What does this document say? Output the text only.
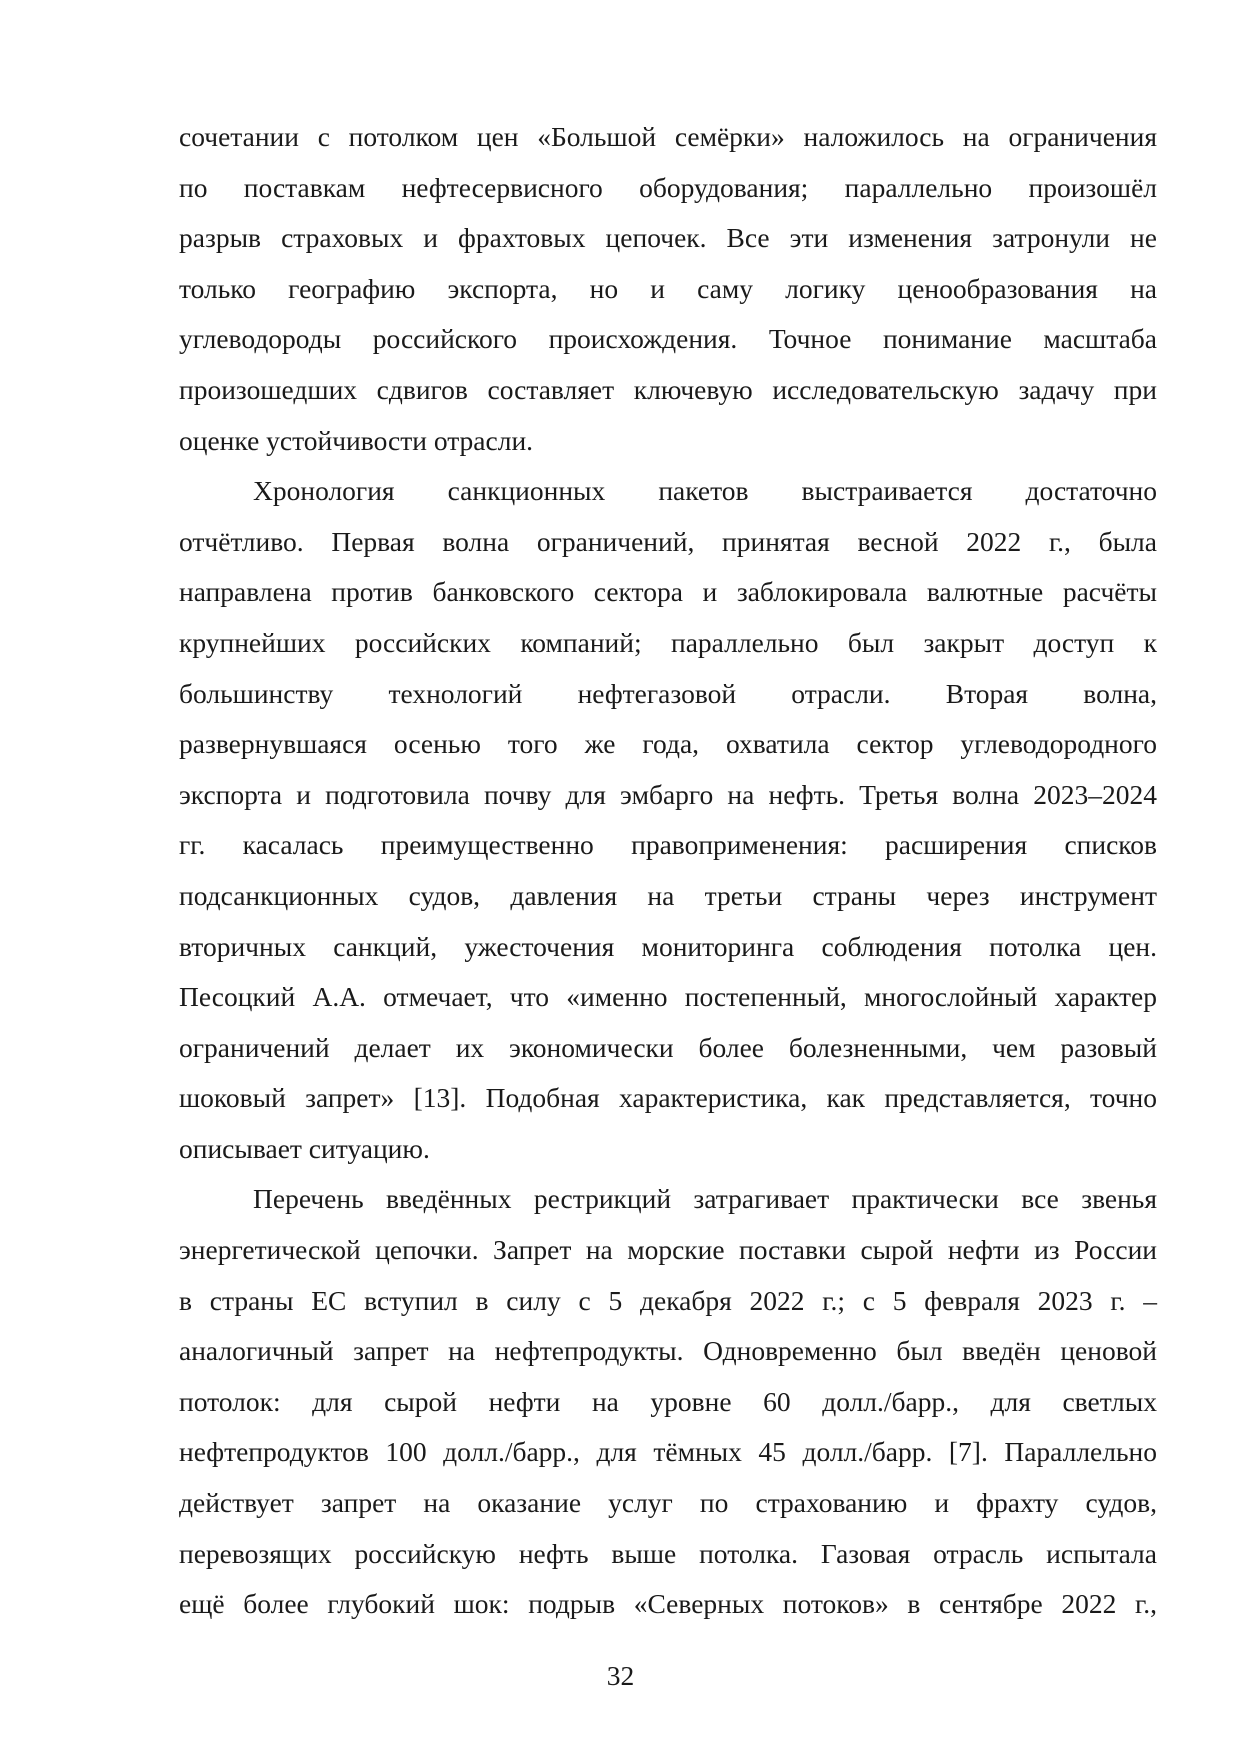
сочетании с потолком цен «Большой семёрки» наложилось на ограничения
по поставкам нефтесервисного оборудования; параллельно произошёл
разрыв страховых и фрахтовых цепочек. Все эти изменения затронули не
только географию экспорта, но и саму логику ценообразования на
углеводороды российского происхождения. Точное понимание масштаба
произошедших сдвигов составляет ключевую исследовательскую задачу при
оценке устойчивости отрасли.
Хронология санкционных пакетов выстраивается достаточно
отчётливо. Первая волна ограничений, принятая весной 2022 г., была
направлена против банковского сектора и заблокировала валютные расчёты
крупнейших российских компаний; параллельно был закрыт доступ к
большинству технологий нефтегазовой отрасли. Вторая волна,
развернувшаяся осенью того же года, охватила сектор углеводородного
экспорта и подготовила почву для эмбарго на нефть. Третья волна 2023–2024
гг. касалась преимущественно правоприменения: расширения списков
подсанкционных судов, давления на третьи страны через инструмент
вторичных санкций, ужесточения мониторинга соблюдения потолка цен.
Песоцкий А.А. отмечает, что «именно постепенный, многослойный характер
ограничений делает их экономически более болезненными, чем разовый
шоковый запрет» [13]. Подобная характеристика, как представляется, точно
описывает ситуацию.
Перечень введённых рестрикций затрагивает практически все звенья
энергетической цепочки. Запрет на морские поставки сырой нефти из России
в страны ЕС вступил в силу с 5 декабря 2022 г.; с 5 февраля 2023 г. –
аналогичный запрет на нефтепродукты. Одновременно был введён ценовой
потолок: для сырой нефти на уровне 60 долл./барр., для светлых
нефтепродуктов 100 долл./барр., для тёмных 45 долл./барр. [7]. Параллельно
действует запрет на оказание услуг по страхованию и фрахту судов,
перевозящих российскую нефть выше потолка. Газовая отрасль испытала
ещё более глубокий шок: подрыв «Северных потоков» в сентябре 2022 г.,
32
